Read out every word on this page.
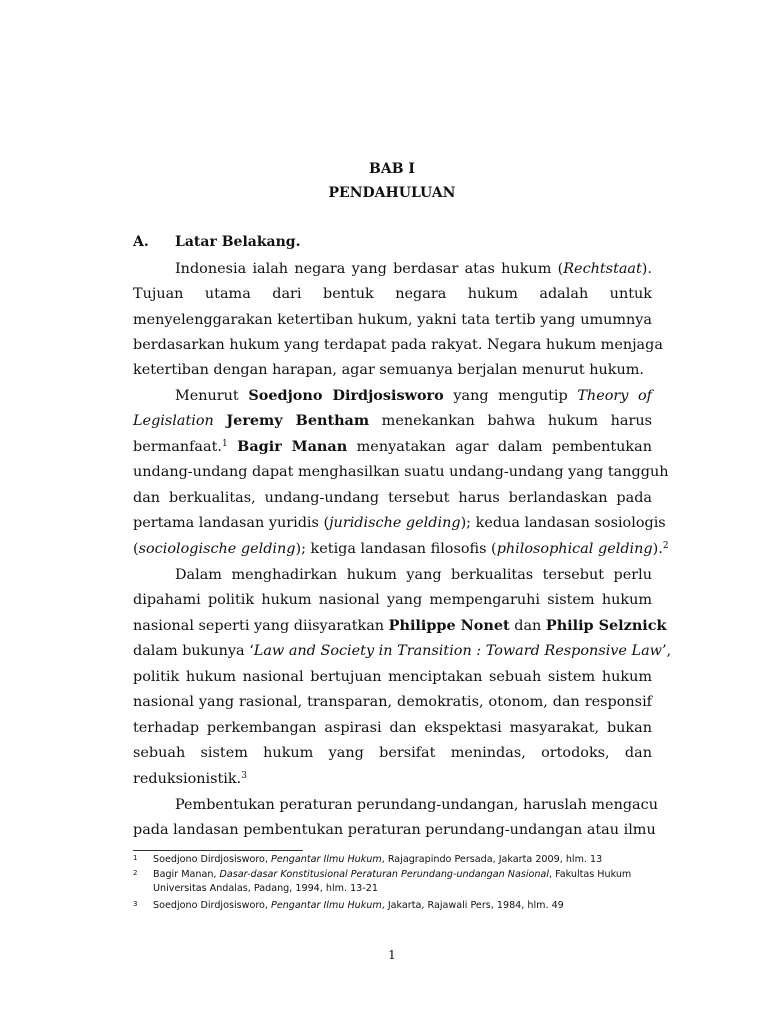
BAB I
PENDAHULUAN
A. Latar Belakang.
Indonesia ialah negara yang berdasar atas hukum (Rechtstaat).
Tujuan utama dari bentuk negara hukum adalah untuk
menyelenggarakan ketertiban hukum, yakni tata tertib yang umumnya
berdasarkan hukum yang terdapat pada rakyat. Negara hukum menjaga
ketertiban dengan harapan, agar semuanya berjalan menurut hukum.
Menurut Soedjono Dirdjosisworo yang mengutip Theory of
Legislation Jeremy Bentham menekankan bahwa hukum harus
bermanfaat.$^1$ Bagir Manan menyatakan agar dalam pembentukan
undang-undang dapat menghasilkan suatu undang-undang yang tangguh
dan berkualitas, undang-undang tersebut harus berlandaskan pada
pertama landasan yuridis (juridische gelding); kedua landasan sosiologis
(sociologische gelding); ketiga landasan filosofis (philosophical gelding).$^2$
Dalam menghadirkan hukum yang berkualitas tersebut perlu
dipahami politik hukum nasional yang mempengaruhi sistem hukum
nasional seperti yang diisyaratkan Philippe Nonet dan Philip Selznick
dalam bukunya ‘Law and Society in Transition : Toward Responsive Law’,
politik hukum nasional bertujuan menciptakan sebuah sistem hukum
nasional yang rasional, transparan, demokratis, otonom, dan responsif
terhadap perkembangan aspirasi dan ekspektasi masyarakat, bukan
sebuah sistem hukum yang bersifat menindas, ortodoks, dan
reduksionistik.$^3$
Pembentukan peraturan perundang-undangan, haruslah mengacu
pada landasan pembentukan peraturan perundang-undangan atau ilmu
1 Soedjono Dirdjosisworo, Pengantar Ilmu Hukum, Rajagrapindo Persada, Jakarta 2009, hlm. 13
2 Bagir Manan, Dasar-dasar Konstitusional Peraturan Perundang-undangan Nasional, Fakultas Hukum
Universitas Andalas, Padang, 1994, hlm. 13-21
3 Soedjono Dirdjosisworo, Pengantar Ilmu Hukum, Jakarta, Rajawali Pers, 1984, hlm. 49
1
